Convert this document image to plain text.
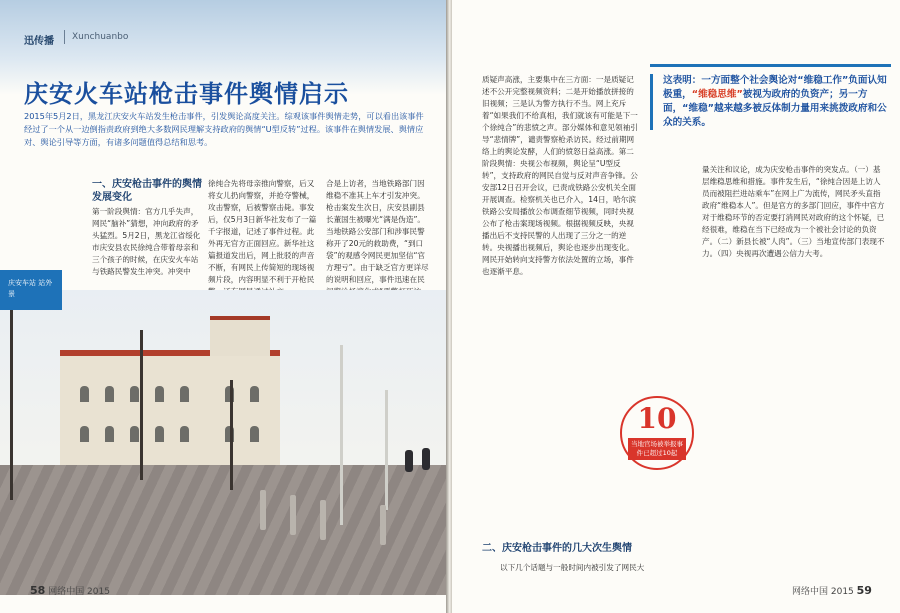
迅传播 Xunchuanbo
庆安火车站枪击事件舆情启示
2015年5月2日，黑龙江庆安火车站发生枪击事件，引发舆论高度关注。综观该事件舆情走势，可以看出该事件经过了一个从一边倒指责政府到绝大多数网民理解支持政府的舆情“U型反转”过程。该事件在舆情发展、舆情应对、舆论引导等方面，有诸多问题值得总结和思考。
一、庆安枪击事件的舆情发展变化
第一阶段舆情：官方几乎失声，网民“脑补”猜想，冲向政府的矛头猛烈。5月2日，黑龙江省绥化市庆安县农民徐纯合带着母亲和三个孩子的时候，在庆安火车站与铁路民警发生冲突。冲突中
徐纯合先将母亲推向警察，后又将女儿扔向警察，并抢夺警械，攻击警察，后被警察击毙。事发后，仅5月3日新华社发布了一篇千字报道，记述了事件过程。此外再无官方正面回应。新华社这篇报道发出后，网上批驳的声音不断，有网民上传简短的现场视频片段，内容明显不利于开枪民
合是上访者，当地铁路部门因维稳不准其上车才引发冲突。枪击案发生次日，庆安县副县长董国生被曝光“满是伪造”。当地铁路公安部门和涉事民警称开了20元的救助费，“到口袋”的观感令网民更加坚信“官方理亏”。由于缺乏官方更详尽的说明和回应，事件迅速在民
庆安车站 站外景
58 网络中国 2015
质疑声高涨，主要集中在三方面：一是质疑记述不公开完整视频资料；二是开始播放拼接的旧视频；三是认为警方执行不当。网上充斥着“如果我们不给真相，我们就该有可能是下一个徐纯合”的悲愤之声。部分媒体和意见领袖引导“悲情牌”，谴责警察枪杀访民。经过前期网络上的舆论发酵，人们的愤怒日益高涨。第二阶段舆情：央视公布视频，舆论呈“U型反转”，支持政府的网民自觉与反对声音争锋。公安部12日召开会议，已责成铁路公安机关全面开展调查。检察机关也已介入，14日，哈尔滨铁路公安局播放公布调查细节视频，同时央视公布了枪击案现场视频。根据视频反映，央视播出后不支持民警的人出现了三分之一的逆转。央视播出视频后，舆论也逐步出现变化。网民开始转向支持警方依法处置的立场，事件也逐渐平息。
这表明：一方面整个社会舆论对“维稳工作”负面认知极重，“维稳思维”被视为政府的负资产；另一方面，“维稳”越来越多被反体制力量用来挑拨政府和公众的关系。
量关注和议论，成为庆安枪击事件的突发点。（一）基层维稳思维和措施。事件发生后，“徐纯合因是上访人员而被阻拦进站乘车”在网上广为流传，网民矛头直指政府“维稳本人”。但是官方的多部门回应，事件中官方对于维稳环节的否定要打消网民对政府的这个怀疑，已经很难，维稳在当下已经成为一个被社会讨论的负资产。（二）新县长被“人肉”。（三）当地宣传部门表现不力。（四）央视再次遭遇公信力大考。
10
当地官场被举报事件已超过10起
二、庆安枪击事件的几大次生舆情
以下几个话题与一般时间内被引发了网民大
网络中国 2015 59
